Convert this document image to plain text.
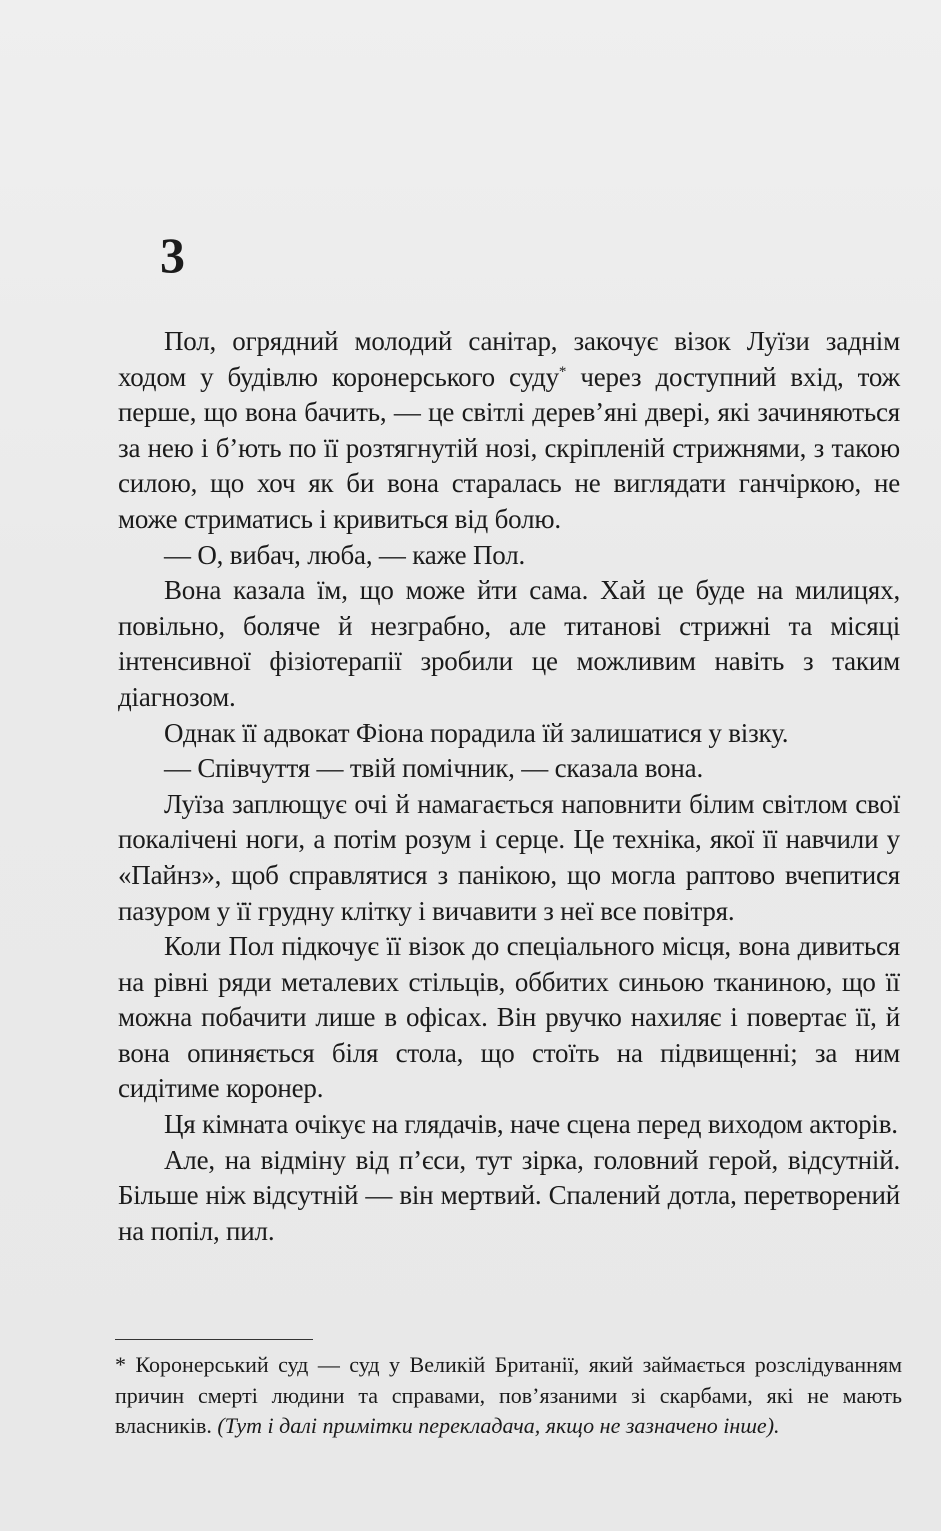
3

Пол, огрядний молодий санітар, закочує візок Луїзи заднім ходом у будівлю коронерського суду* через доступний вхід, тож перше, що вона бачить, — це світлі дерев’яні двері, які зачиняються за нею і б’ють по її розтягнутій нозі, скріпленій стрижнями, з такою силою, що хоч як би вона старалась не виглядати ганчіркою, не може стриматись і кривиться від болю.

— О, вибач, люба, — каже Пол.

Вона казала їм, що може йти сама. Хай це буде на милицях, повільно, боляче й незграбно, але титанові стрижні та місяці інтенсивної фізіотерапії зробили це можливим навіть з таким діагнозом.

Однак її адвокат Фіона порадила їй залишатися у візку.

— Співчуття — твій помічник, — сказала вона.

Луїза заплющує очі й намагається наповнити білим світлом свої покалічені ноги, а потім розум і серце. Це техніка, якої її навчили у «Пайнз», щоб справлятися з панікою, що могла раптово вчепитися пазуром у її грудну клітку і вичавити з неї все повітря.

Коли Пол підкочує її візок до спеціального місця, вона дивиться на рівні ряди металевих стільців, оббитих синьою тканиною, що її можна побачити лише в офісах. Він рвучко нахиляє і повертає її, й вона опиняється біля стола, що стоїть на підвищенні; за ним сидітиме коронер.

Ця кімната очікує на глядачів, наче сцена перед виходом акторів.

Але, на відміну від п’єси, тут зірка, головний герой, відсутній. Більше ніж відсутній — він мертвий. Спалений дотла, перетворений на попіл, пил.

* Коронерський суд — суд у Великій Британії, який займається розслідуванням причин смерті людини та справами, пов’язаними зі скарбами, які не мають власників. (Тут і далі примітки перекладача, якщо не зазначено інше).
